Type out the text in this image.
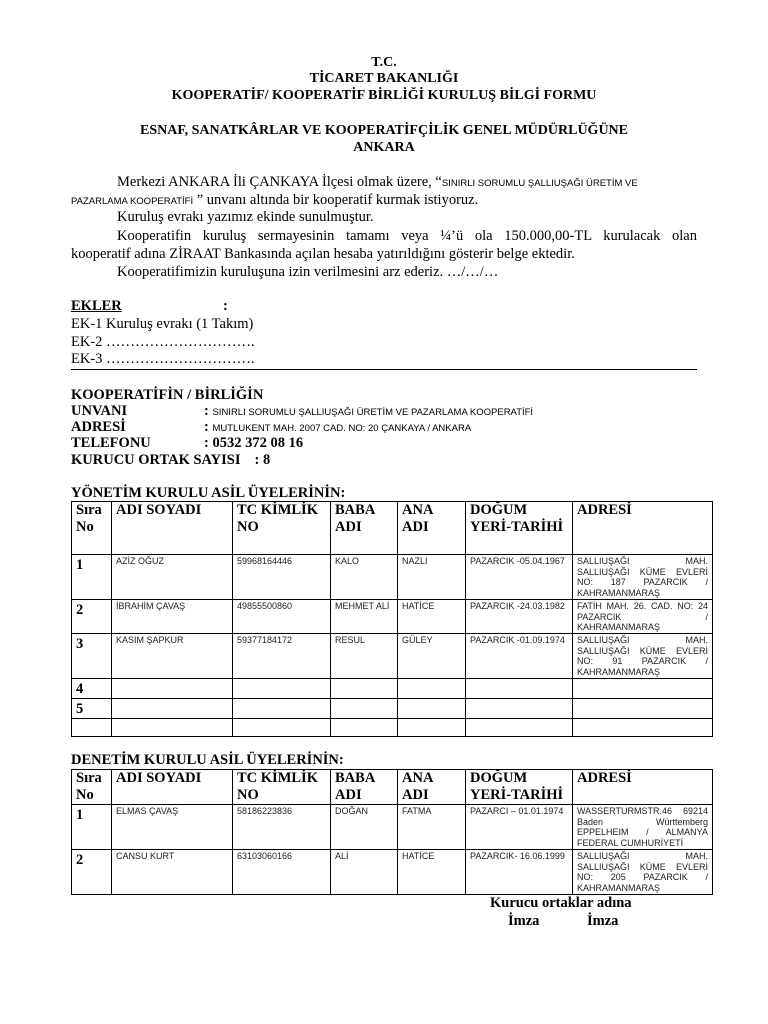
T.C.
TİCARET BAKANLIĞI
KOOPERATİF/ KOOPERATİF BİRLİĞİ KURULUŞ BİLGİ FORMU
ESNAF, SANATKÂRLAR VE KOOPERATİFÇİLİK GENEL MÜDÜRLÜĞÜNE
ANKARA
Merkezi ANKARA İli ÇANKAYA İlçesi olmak üzere, “SINIRLI SORUMLU ŞALLIUŞAĞI ÜRETİM VE
PAZARLAMA KOOPERATİFİ ” unvanı altında bir kooperatif kurmak istiyoruz.
Kuruluş evrakı yazımız ekinde sunulmuştur.
Kooperatifin kuruluş sermayesinin tamamı veya ¼’ü ola 150.000,00-TL kurulacak olan
kooperatif adına ZİRAAT Bankasında açılan hesaba yatırıldığını gösterir belge ektedir.
Kooperatifimizin kuruluşuna izin verilmesini arz ederiz. …/…/…
EKLER	:
EK-1 Kuruluş evrakı (1 Takım)
EK-2 ………………………….
EK-3 ………………………….
KOOPERATİFİN / BİRLİĞİN
UNVANI	: SINIRLI SORUMLU ŞALLIUŞAĞI ÜRETİM VE PAZARLAMA KOOPERATİFİ
ADRESİ	: MUTLUKENT MAH. 2007 CAD. NO: 20 ÇANKAYA / ANKARA
TELEFONU	: 0532 372 08 16
KURUCU ORTAK SAYISI : 8
YÖNETİM KURULU ASİL ÜYELERİNİN:
Sıra No	ADI SOYADI	TC KİMLİK NO	BABA ADI	ANA ADI	DOĞUM YERİ-TARİHİ	ADRESİ
1	AZİZ OĞUZ	59968164446	KALO	NAZLI	PAZARCIK -05.04.1967	SALLIUŞAĞI MAH. SALLIUŞAĞI KÜME EVLERİ NO: 187 PAZARCIK / KAHRAMANMARAŞ
2	İBRAHİM ÇAVAŞ	49855500860	MEHMET ALİ	HATİCE	PAZARCIK -24.03.1982	FATİH MAH. 26. CAD. NO: 24 PAZARCIK / KAHRAMANMARAŞ
3	KASIM ŞAPKUR	59377184172	RESUL	GÜLEY	PAZARCIK -01.09.1974	SALLIUŞAĞI MAH. SALLIUŞAĞI KÜME EVLERİ NO: 91 PAZARCIK / KAHRAMANMARAŞ
4						
5						

DENETİM KURULU ASİL ÜYELERİNİN:
Sıra No	ADI SOYADI	TC KİMLİK NO	BABA ADI	ANA ADI	DOĞUM YERİ-TARİHİ	ADRESİ
1	ELMAS ÇAVAŞ	58186223836	DOĞAN	FATMA	PAZARCI – 01.01.1974	WASSERTURMSTR.46 69214 Baden Württemberg EPPELHEIM / ALMANYA FEDERAL CUMHURİYETİ
2	CANSU KURT	63103060166	ALİ	HATİCE	PAZARCIK- 16.06.1999	SALLIUŞAĞI MAH. SALLIUŞAĞI KÜME EVLERİ NO: 205 PAZARCIK / KAHRAMANMARAŞ
Kurucu ortaklar adına
İmza	İmza
